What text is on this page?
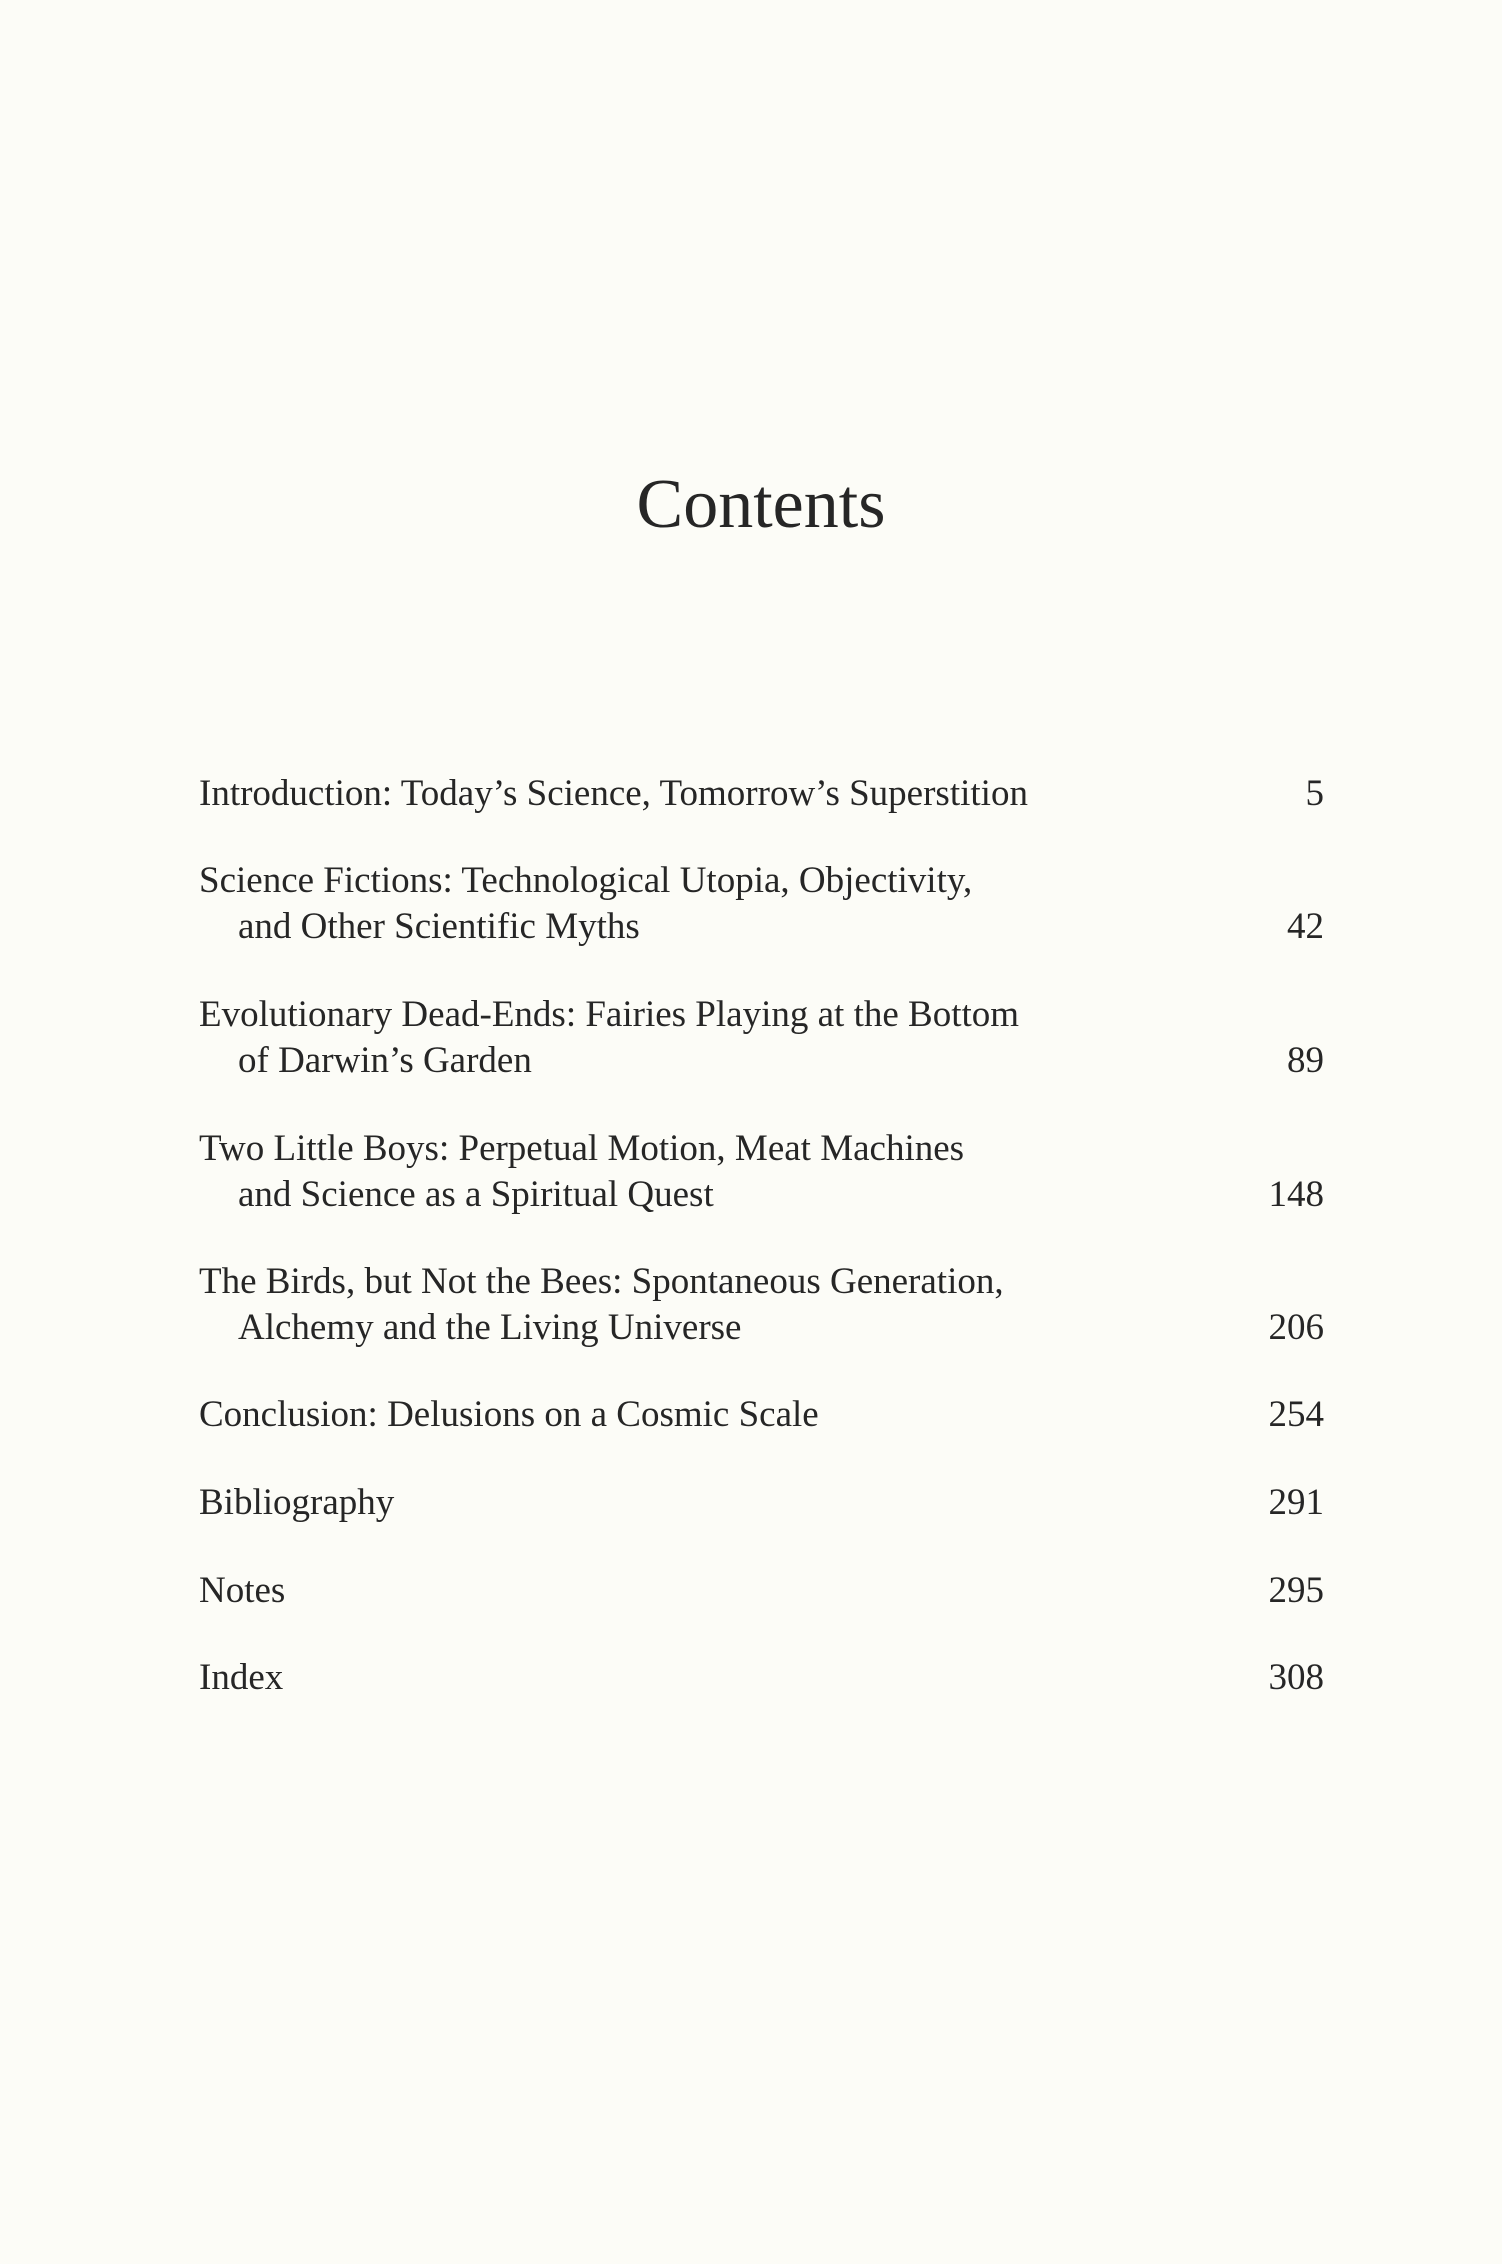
Contents
Introduction: Today’s Science, Tomorrow’s Superstition	5
Science Fictions: Technological Utopia, Objectivity,
and Other Scientific Myths	42
Evolutionary Dead-Ends: Fairies Playing at the Bottom
of Darwin’s Garden	89
Two Little Boys: Perpetual Motion, Meat Machines
and Science as a Spiritual Quest	148
The Birds, but Not the Bees: Spontaneous Generation,
Alchemy and the Living Universe	206
Conclusion: Delusions on a Cosmic Scale	254
Bibliography	291
Notes	295
Index	308
